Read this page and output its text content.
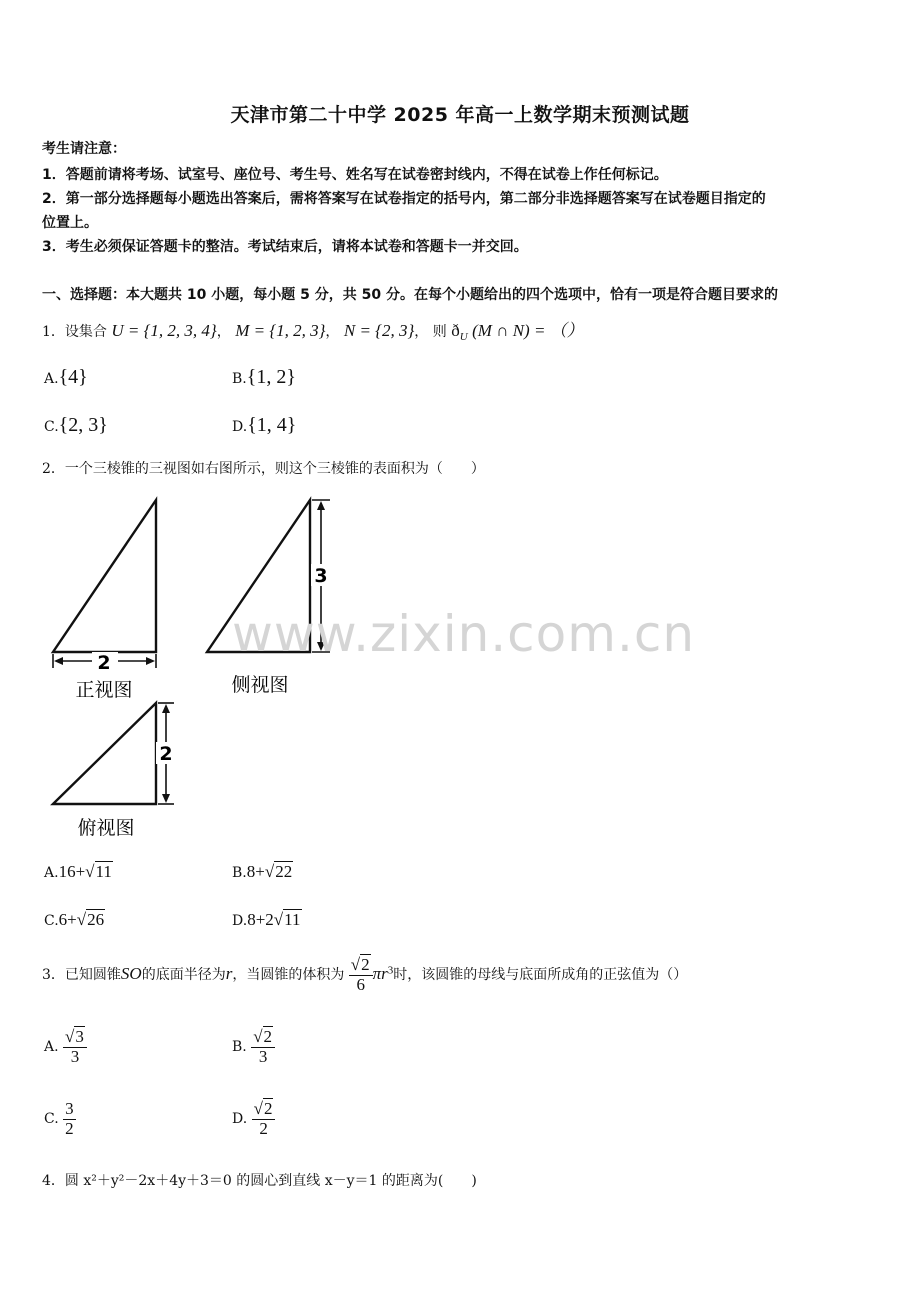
天津市第二十中学 2025 年高一上数学期末预测试题
考生请注意：
1．答题前请将考场、试室号、座位号、考生号、姓名写在试卷密封线内，不得在试卷上作任何标记。
2．第一部分选择题每小题选出答案后，需将答案写在试卷指定的括号内，第二部分非选择题答案写在试卷题目指定的
位置上。
3．考生必须保证答题卡的整洁。考试结束后，请将本试卷和答题卡一并交回。
一、选择题：本大题共 10 小题，每小题 5 分，共 50 分。在每个小题给出的四个选项中，恰有一项是符合题目要求的
1．设集合 U = {1, 2, 3, 4}， M = {1, 2, 3}， N = {2, 3}， 则 $ð_U$ (M ∩ N) = （）
A.{4}	B.{1, 2}
C.{2, 3}	D.{1, 4}
2．一个三棱锥的三视图如右图所示，则这个三棱锥的表面积为（　　）
2
正视图
3
侧视图
2
俯视图
A.16+√11	B.8+√22
C.6+√26	D.8+2√11
www.zixin.com.cn
3．已知圆锥SO的底面半径为r，当圆锥的体积为 $\frac{√2}{6} \pi r^3$时，该圆锥的母线与底面所成角的正弦值为（）
A. $\frac{√3}{3}$	B. $\frac{√2}{3}$
C. $\frac{3}{2}$	D. $\frac{√2}{2}$
4．圆 x²＋y²－2x＋4y＋3＝0 的圆心到直线 x－y＝1 的距离为(　　)
